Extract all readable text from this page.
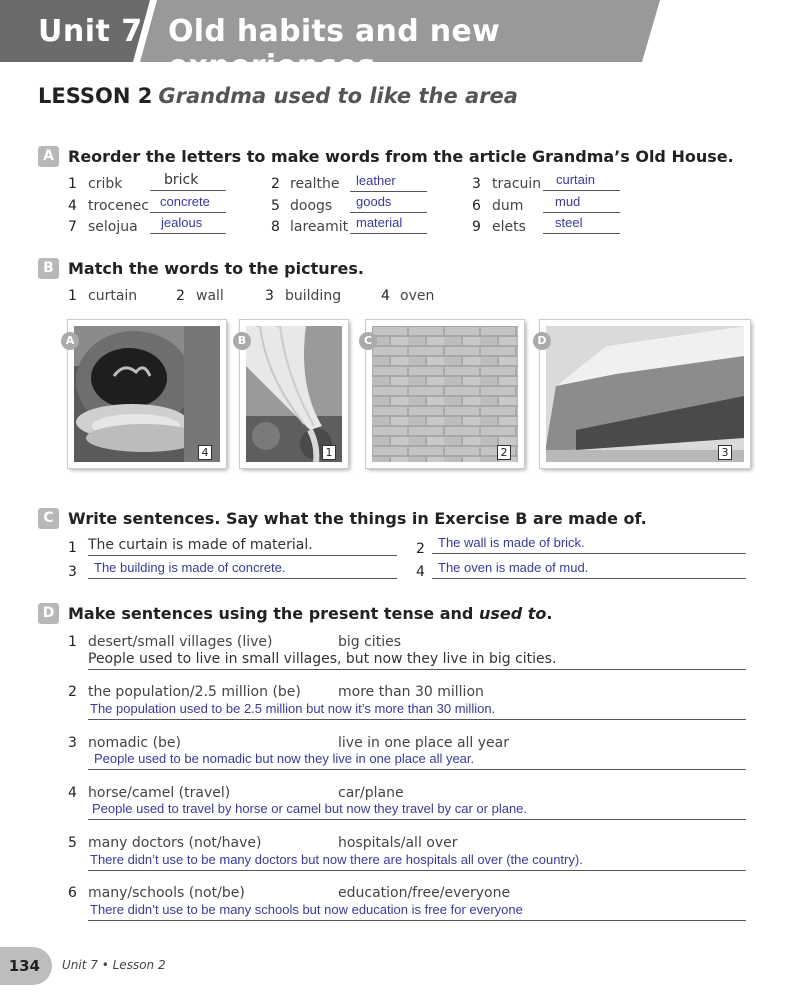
Unit 7 Old habits and new experiences
LESSON 2 Grandma used to like the area
A Reorder the letters to make words from the article Grandma’s Old House.
1 cribk	brick	2 realthe	leather	3 tracuin	curtain
4 trocenec concrete	5 doogs	goods	6 dum	mud
7 selojua	jealous	8 lareamit material	9 elets	steel
B Match the words to the pictures.
1 curtain	2 wall	3 building	4 oven
A
4
B
1
C
2
D
3
C Write sentences. Say what the things in Exercise B are made of.
1 The curtain is made of material.	2	The wall is made of brick.
3	The building is made of concrete.	4	The oven is made of mud.
D Make sentences using the present tense and used to.
1 desert/small villages (live)	big cities
People used to live in small villages, but now they live in big cities.
2 the population/2.5 million (be)	more than 30 million
The population used to be 2.5 million but now it’s more than 30 million.
3 nomadic (be)	live in one place all year
People used to be nomadic but now they live in one place all year.
4 horse/camel (travel)	car/plane
People used to travel by horse or camel but now they travel by car or plane.
5 many doctors (not/have)	hospitals/all over
There didn’t use to be many doctors but now there are hospitals all over (the country).
6 many/schools (not/be)	education/free/everyone
There didn’t use to be many schools but now education is free for everyone
134	Unit 7 • Lesson 2
